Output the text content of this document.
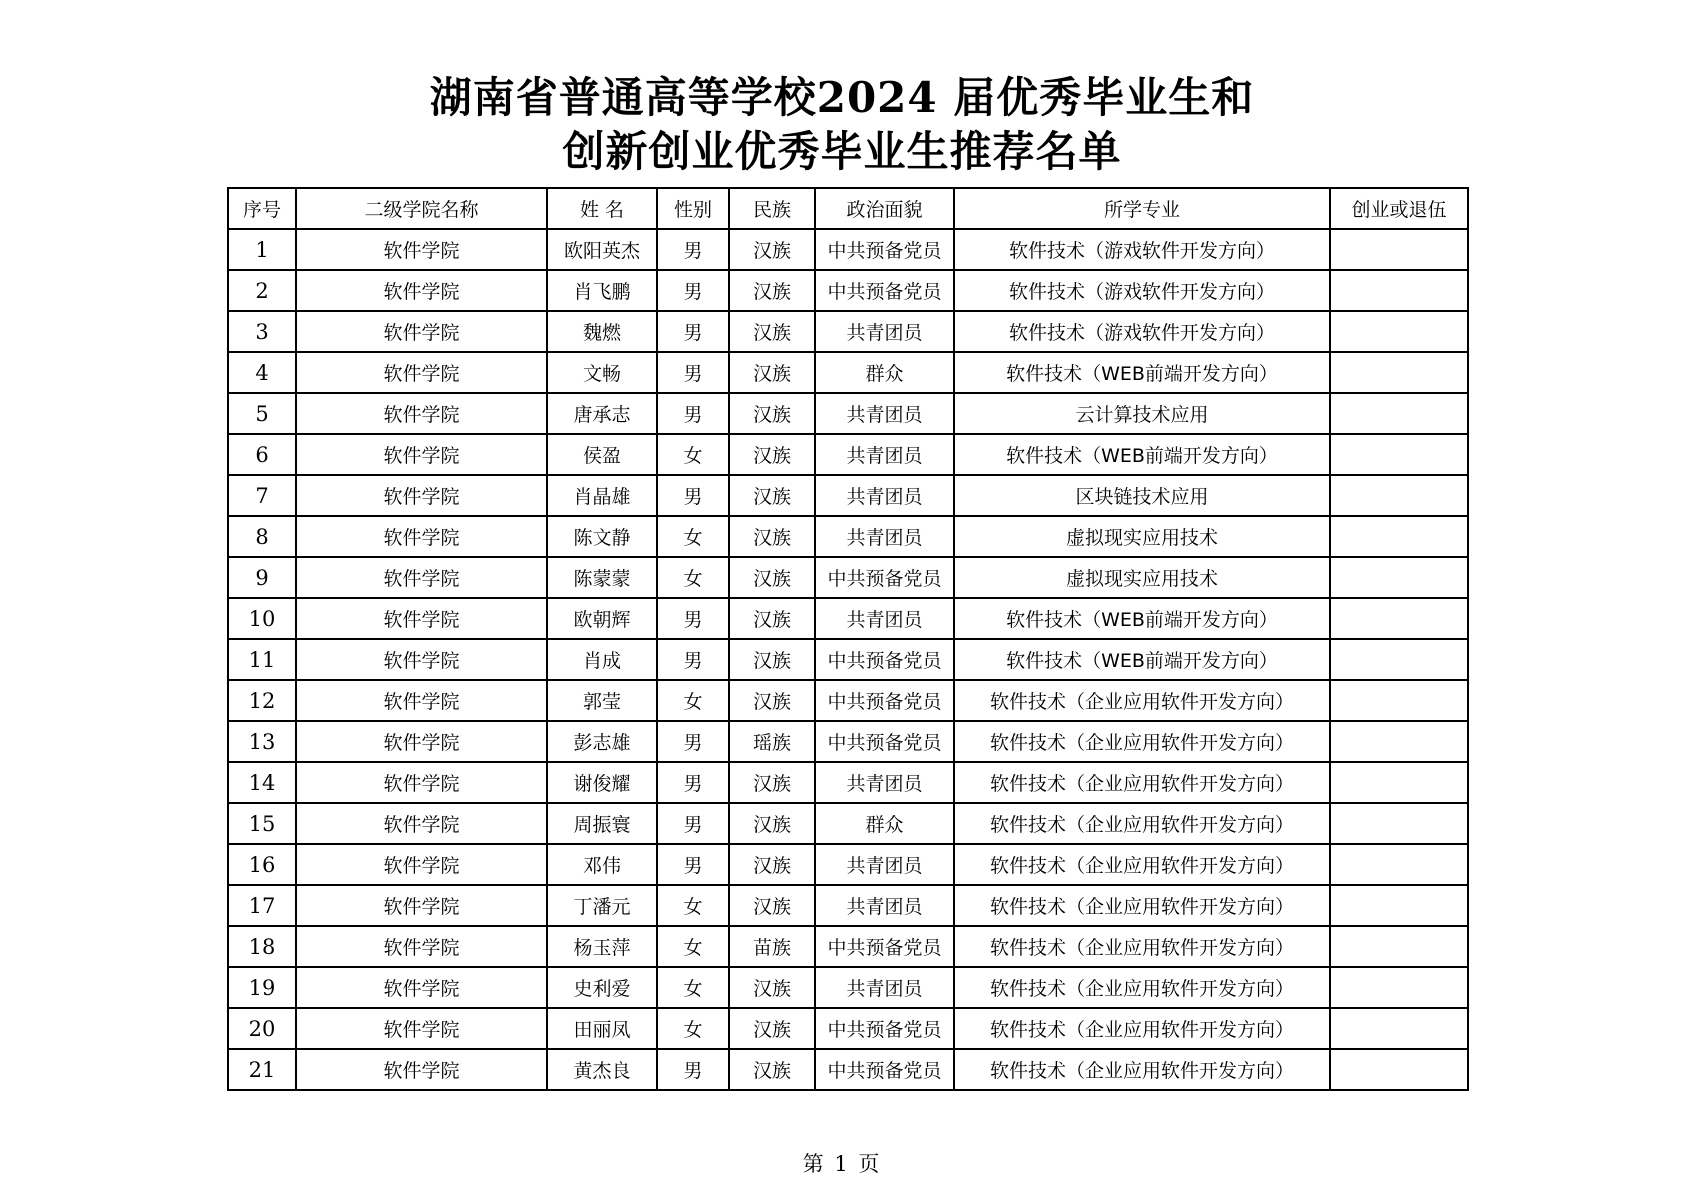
湖南省普通高等学校2024 届优秀毕业生和
创新创业优秀毕业生推荐名单
序号	二级学院名称	姓 名	性别	民族	政治面貌	所学专业	创业或退伍
1	软件学院	欧阳英杰	男	汉族	中共预备党员	软件技术（游戏软件开发方向）	
2	软件学院	肖飞鹏	男	汉族	中共预备党员	软件技术（游戏软件开发方向）	
3	软件学院	魏燃	男	汉族	共青团员	软件技术（游戏软件开发方向）	
4	软件学院	文畅	男	汉族	群众	软件技术（WEB前端开发方向）	
5	软件学院	唐承志	男	汉族	共青团员	云计算技术应用	
6	软件学院	侯盈	女	汉族	共青团员	软件技术（WEB前端开发方向）	
7	软件学院	肖晶雄	男	汉族	共青团员	区块链技术应用	
8	软件学院	陈文静	女	汉族	共青团员	虚拟现实应用技术	
9	软件学院	陈蒙蒙	女	汉族	中共预备党员	虚拟现实应用技术	
10	软件学院	欧朝辉	男	汉族	共青团员	软件技术（WEB前端开发方向）	
11	软件学院	肖成	男	汉族	中共预备党员	软件技术（WEB前端开发方向）	
12	软件学院	郭莹	女	汉族	中共预备党员	软件技术（企业应用软件开发方向）	
13	软件学院	彭志雄	男	瑶族	中共预备党员	软件技术（企业应用软件开发方向）	
14	软件学院	谢俊耀	男	汉族	共青团员	软件技术（企业应用软件开发方向）	
15	软件学院	周振寰	男	汉族	群众	软件技术（企业应用软件开发方向）	
16	软件学院	邓伟	男	汉族	共青团员	软件技术（企业应用软件开发方向）	
17	软件学院	丁潘元	女	汉族	共青团员	软件技术（企业应用软件开发方向）	
18	软件学院	杨玉萍	女	苗族	中共预备党员	软件技术（企业应用软件开发方向）	
19	软件学院	史利爱	女	汉族	共青团员	软件技术（企业应用软件开发方向）	
20	软件学院	田丽凤	女	汉族	中共预备党员	软件技术（企业应用软件开发方向）	
21	软件学院	黄杰良	男	汉族	中共预备党员	软件技术（企业应用软件开发方向）	
第 1 页
